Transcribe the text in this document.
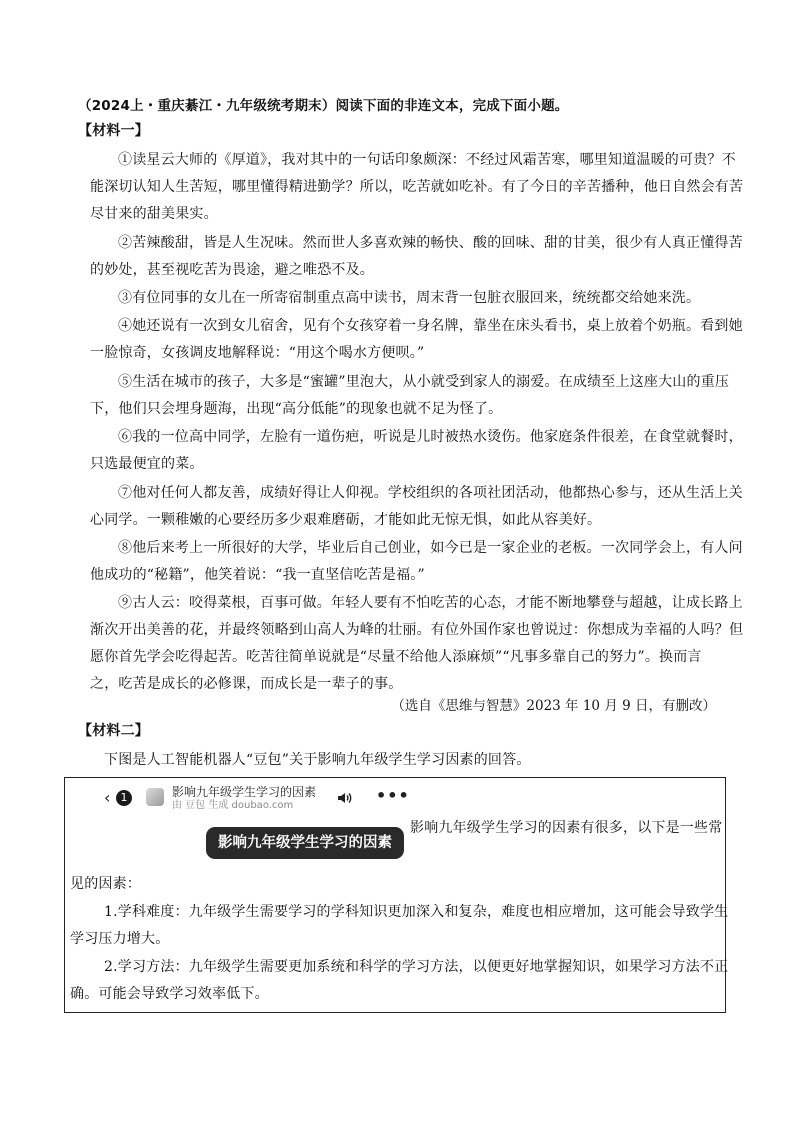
（2024上・重庆綦江・九年级统考期末）阅读下面的非连文本，完成下面小题。
【材料一】
①读星云大师的《厚道》，我对其中的一句话印象颇深：不经过风霜苦寒，哪里知道温暖的可贵？不
能深切认知人生苦短，哪里懂得精进勤学？所以，吃苦就如吃补。有了今日的辛苦播种，他日自然会有苦
尽甘来的甜美果实。
②苦辣酸甜，皆是人生况味。然而世人多喜欢辣的畅快、酸的回味、甜的甘美，很少有人真正懂得苦
的妙处，甚至视吃苦为畏途，避之唯恐不及。
③有位同事的女儿在一所寄宿制重点高中读书，周末背一包脏衣服回来，统统都交给她来洗。
④她还说有一次到女儿宿舍，见有个女孩穿着一身名牌，靠坐在床头看书，桌上放着个奶瓶。看到她
一脸惊奇，女孩调皮地解释说：“用这个喝水方便呗。”
⑤生活在城市的孩子，大多是“蜜罐”里泡大，从小就受到家人的溺爱。在成绩至上这座大山的重压
下，他们只会埋身题海，出现“高分低能”的现象也就不足为怪了。
⑥我的一位高中同学，左脸有一道伤疤，听说是儿时被热水烫伤。他家庭条件很差，在食堂就餐时，
只选最便宜的菜。
⑦他对任何人都友善，成绩好得让人仰视。学校组织的各项社团活动，他都热心参与，还从生活上关
心同学。一颗稚嫩的心要经历多少艰难磨砺，才能如此无惊无惧，如此从容美好。
⑧他后来考上一所很好的大学，毕业后自己创业，如今已是一家企业的老板。一次同学会上，有人问
他成功的“秘籍”，他笑着说：“我一直坚信吃苦是福。”
⑨古人云：咬得菜根，百事可做。年轻人要有不怕吃苦的心态，才能不断地攀登与超越，让成长路上
渐次开出美善的花，并最终领略到山高人为峰的壮丽。有位外国作家也曾说过：你想成为幸福的人吗？但
愿你首先学会吃得起苦。吃苦往简单说就是“尽量不给他人添麻烦”“凡事多靠自己的努力”。换而言
之，吃苦是成长的必修课，而成长是一辈子的事。
（选自《思维与智慧》2023 年 10 月 9 日，有删改）
【材料二】
下图是人工智能机器人“豆包”关于影响九年级学生学习因素的回答。
‹ 1	影响九年级学生学习的因素
由 豆包 生成 doubao.com
•••
影响九年级学生学习的因素
影响九年级学生学习的因素有很多，以下是一些常
见的因素：
1.学科难度：九年级学生需要学习的学科知识更加深入和复杂，难度也相应增加，这可能会导致学生
学习压力增大。
2.学习方法：九年级学生需要更加系统和科学的学习方法，以便更好地掌握知识，如果学习方法不正
确。可能会导致学习效率低下。
